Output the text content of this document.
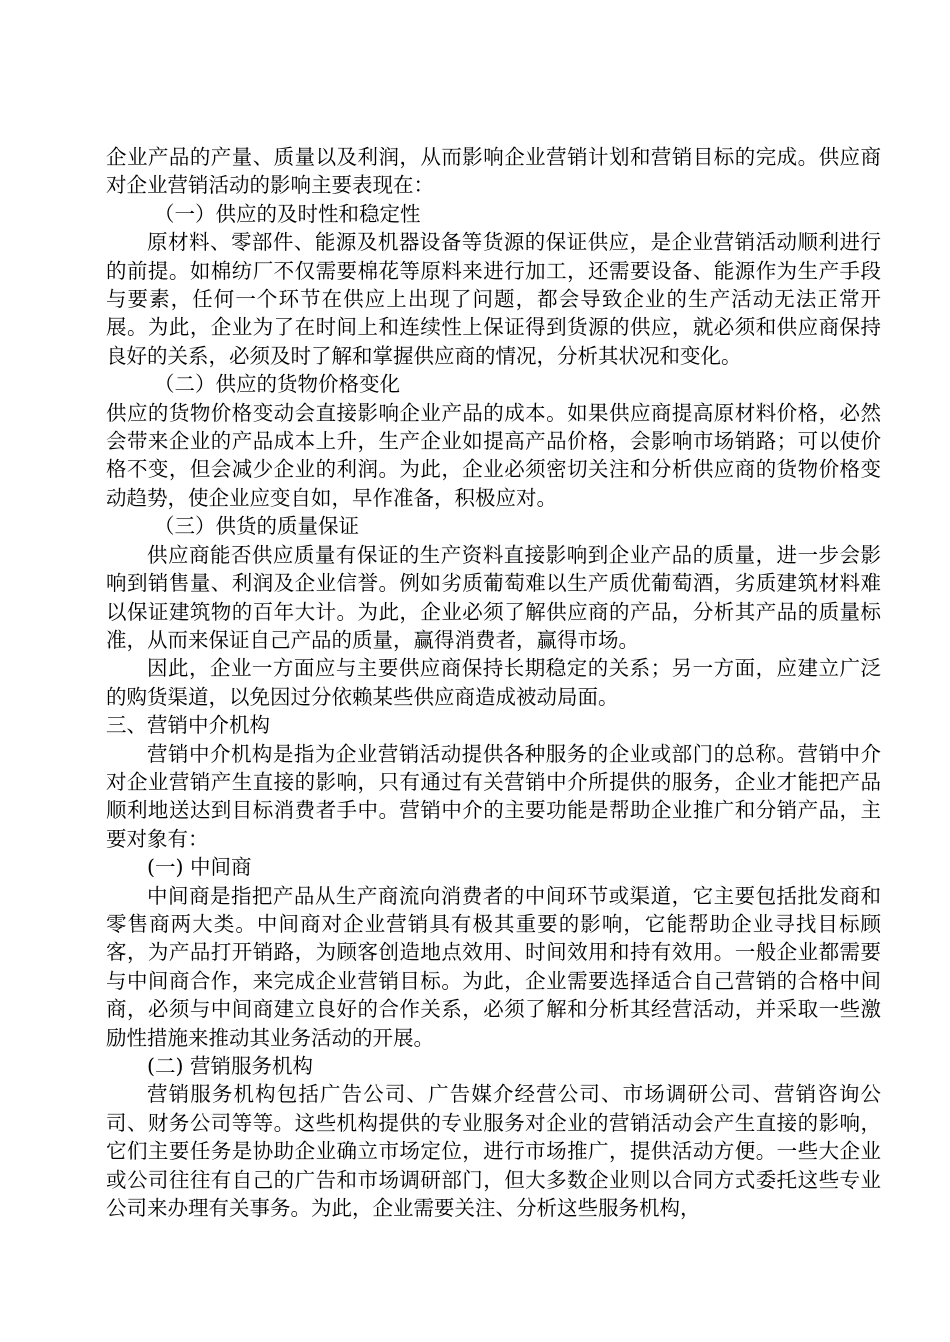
企业产品的产量、质量以及利润，从而影响企业营销计划和营销目标的完成。供应商对企业营销活动的影响主要表现在：

（一）供应的及时性和稳定性

原材料、零部件、能源及机器设备等货源的保证供应，是企业营销活动顺利进行的前提。如棉纺厂不仅需要棉花等原料来进行加工，还需要设备、能源作为生产手段与要素，任何一个环节在供应上出现了问题，都会导致企业的生产活动无法正常开展。为此，企业为了在时间上和连续性上保证得到货源的供应，就必须和供应商保持良好的关系，必须及时了解和掌握供应商的情况，分析其状况和变化。

（二）供应的货物价格变化

供应的货物价格变动会直接影响企业产品的成本。如果供应商提高原材料价格，必然会带来企业的产品成本上升，生产企业如提高产品价格，会影响市场销路；可以使价格不变，但会减少企业的利润。为此，企业必须密切关注和分析供应商的货物价格变动趋势，使企业应变自如，早作准备，积极应对。

（三）供货的质量保证

供应商能否供应质量有保证的生产资料直接影响到企业产品的质量，进一步会影响到销售量、利润及企业信誉。例如劣质葡萄难以生产质优葡萄酒，劣质建筑材料难以保证建筑物的百年大计。为此，企业必须了解供应商的产品，分析其产品的质量标准，从而来保证自己产品的质量，赢得消费者，赢得市场。

因此，企业一方面应与主要供应商保持长期稳定的关系；另一方面，应建立广泛的购货渠道，以免因过分依赖某些供应商造成被动局面。

三、营销中介机构

营销中介机构是指为企业营销活动提供各种服务的企业或部门的总称。营销中介对企业营销产生直接的影响，只有通过有关营销中介所提供的服务，企业才能把产品顺利地送达到目标消费者手中。营销中介的主要功能是帮助企业推广和分销产品，主要对象有：

(一) 中间商

中间商是指把产品从生产商流向消费者的中间环节或渠道，它主要包括批发商和零售商两大类。中间商对企业营销具有极其重要的影响，它能帮助企业寻找目标顾客，为产品打开销路，为顾客创造地点效用、时间效用和持有效用。一般企业都需要与中间商合作，来完成企业营销目标。为此，企业需要选择适合自己营销的合格中间商，必须与中间商建立良好的合作关系，必须了解和分析其经营活动，并采取一些激励性措施来推动其业务活动的开展。

(二) 营销服务机构

营销服务机构包括广告公司、广告媒介经营公司、市场调研公司、营销咨询公司、财务公司等等。这些机构提供的专业服务对企业的营销活动会产生直接的影响，它们主要任务是协助企业确立市场定位，进行市场推广，提供活动方便。一些大企业或公司往往有自己的广告和市场调研部门，但大多数企业则以合同方式委托这些专业公司来办理有关事务。为此，企业需要关注、分析这些服务机构，
